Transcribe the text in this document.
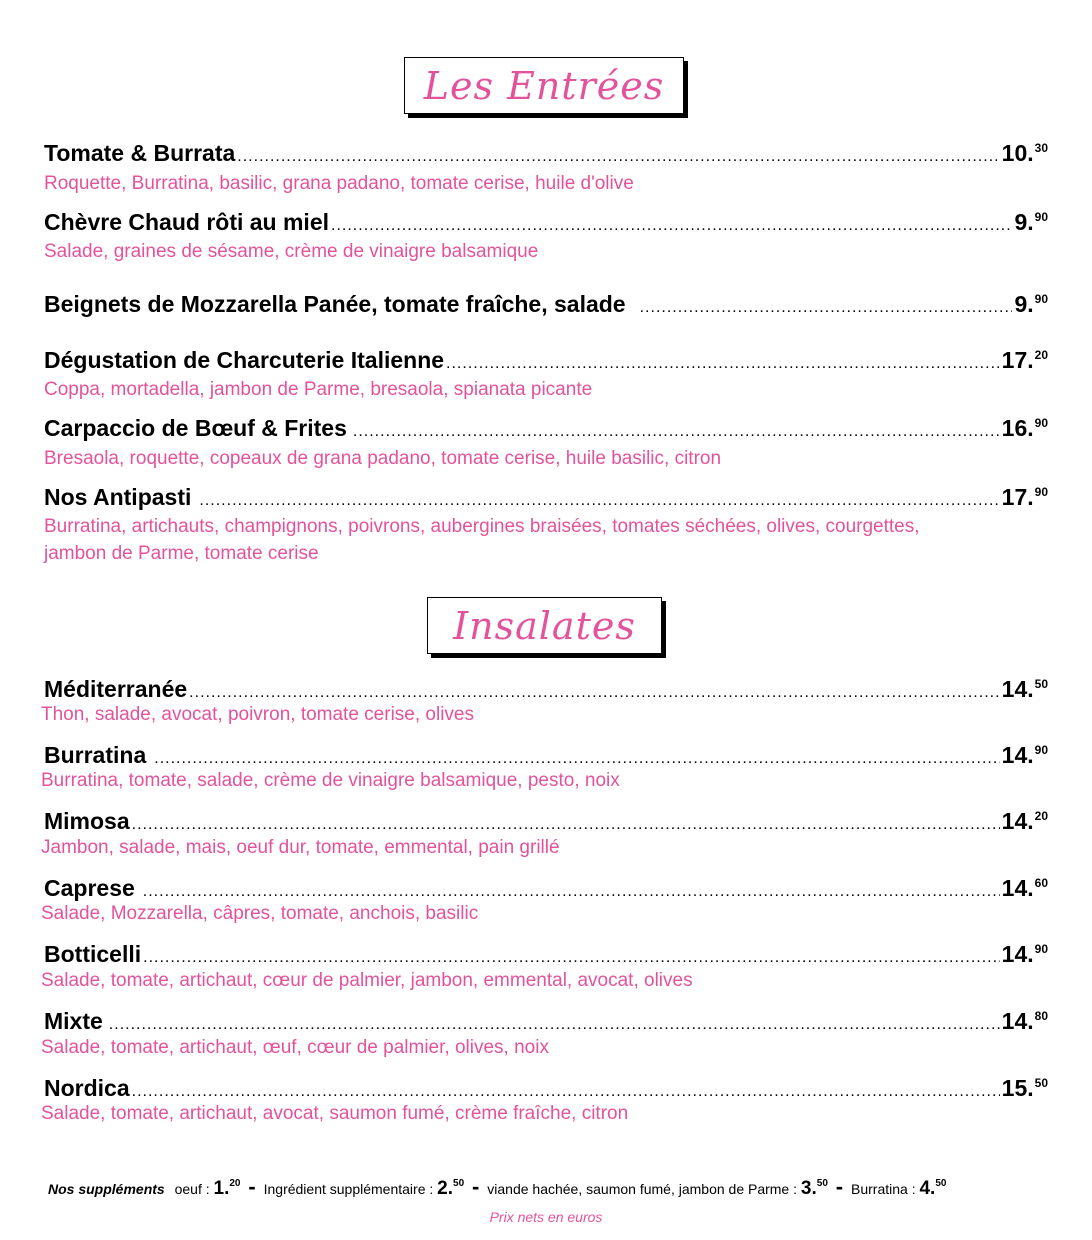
Les Entrées
Tomate & Burrata .....	10.30
Roquette, Burratina, basilic, grana padano, tomate cerise, huile d'olive
Chèvre Chaud rôti au miel .....	9.90
Salade, graines de sésame, crème de vinaigre balsamique
Beignets de Mozzarella Panée, tomate fraîche, salade .....	9.90
Dégustation de Charcuterie Italienne .....	17.20
Coppa, mortadella, jambon de Parme, bresaola, spianata picante
Carpaccio de Bœuf & Frites .....	16.90
Bresaola, roquette, copeaux de grana padano, tomate cerise, huile basilic, citron
Nos Antipasti .....	17.90
Burratina, artichauts, champignons, poivrons, aubergines braisées, tomates séchées, olives, courgettes,
jambon de Parme, tomate cerise
Insalates
Méditerranée .....	14.50
Thon, salade, avocat, poivron, tomate cerise, olives
Burratina .....	14.90
Burratina, tomate, salade, crème de vinaigre balsamique, pesto, noix
Mimosa .....	14.20
Jambon, salade, mais, oeuf dur, tomate, emmental, pain grillé
Caprese .....	14.60
Salade, Mozzarella, câpres, tomate, anchois, basilic
Botticelli .....	14.90
Salade, tomate, artichaut, cœur de palmier, jambon, emmental, avocat, olives
Mixte .....	14.80
Salade, tomate, artichaut, œuf, cœur de palmier, olives, noix
Nordica .....	15.50
Salade, tomate, artichaut, avocat, saumon fumé, crème fraîche, citron
Nos suppléments oeuf : 1.20 - Ingrédient supplémentaire : 2.50 - viande hachée, saumon fumé, jambon de Parme : 3.50 - Burratina : 4.50
Prix nets en euros
